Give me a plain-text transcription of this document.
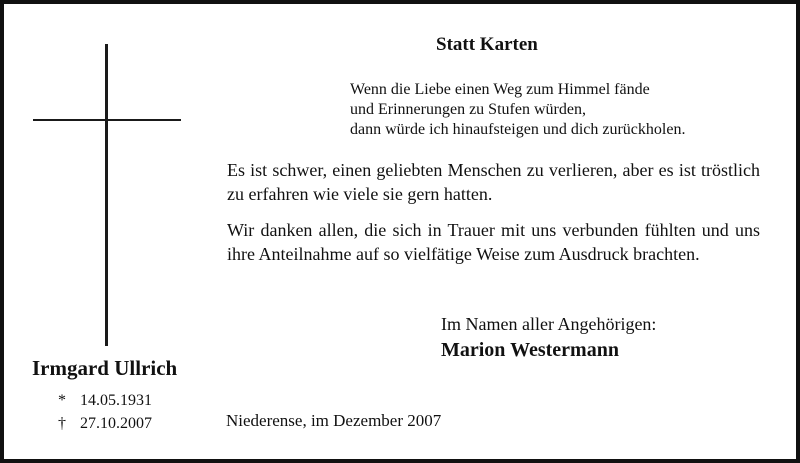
Statt Karten
Wenn die Liebe einen Weg zum Himmel fände
und Erinnerungen zu Stufen würden,
dann würde ich hinaufsteigen und dich zurückholen.
Es ist schwer, einen geliebten Menschen zu verlieren, aber es ist tröstlich zu erfahren wie viele sie gern hatten.
Wir danken allen, die sich in Trauer mit uns verbunden fühlten und uns ihre Anteilnahme auf so vielfätige Weise zum Ausdruck brachten.
Im Namen aller Angehörigen:
Marion Westermann
Irmgard Ullrich
* 14.05.1931
† 27.10.2007	Niederense, im Dezember 2007
